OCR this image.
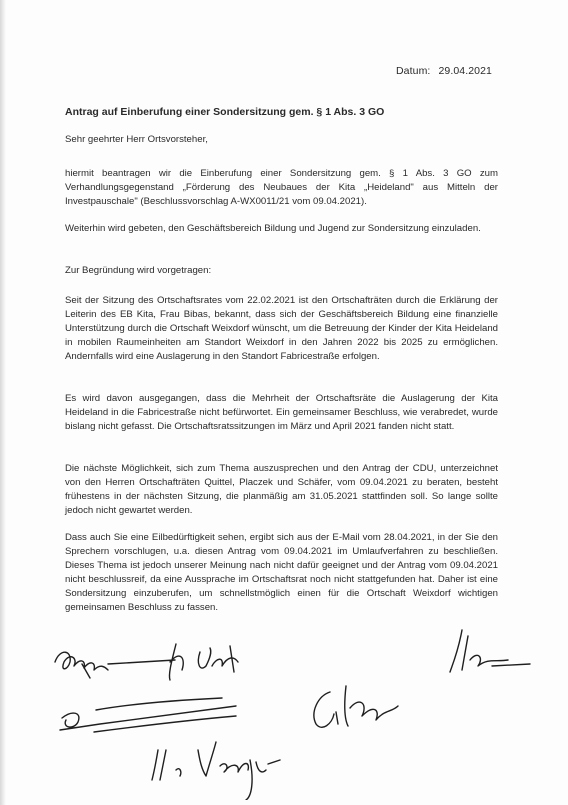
Datum: 29.04.2021
Antrag auf Einberufung einer Sondersitzung gem. § 1 Abs. 3 GO
Sehr geehrter Herr Ortsvorsteher,
hiermit beantragen wir die Einberufung einer Sondersitzung gem. § 1 Abs. 3 GO zum Verhandlungsgegenstand „Förderung des Neubaues der Kita „Heideland" aus Mitteln der Investpauschale" (Beschlussvorschlag A-WX0011/21 vom 09.04.2021).
Weiterhin wird gebeten, den Geschäftsbereich Bildung und Jugend zur Sondersitzung einzuladen.
Zur Begründung wird vorgetragen:
Seit der Sitzung des Ortschaftsrates vom 22.02.2021 ist den Ortschafträten durch die Erklärung der Leiterin des EB Kita, Frau Bibas, bekannt, dass sich der Geschäftsbereich Bildung eine finanzielle Unterstützung durch die Ortschaft Weixdorf wünscht, um die Betreuung der Kinder der Kita Heideland in mobilen Raumeinheiten am Standort Weixdorf in den Jahren 2022 bis 2025 zu ermöglichen. Andernfalls wird eine Auslagerung in den Standort Fabricestraße erfolgen.
Es wird davon ausgegangen, dass die Mehrheit der Ortschaftsräte die Auslagerung der Kita Heideland in die Fabricestraße nicht befürwortet. Ein gemeinsamer Beschluss, wie verabredet, wurde bislang nicht gefasst. Die Ortschaftsratssitzungen im März und April 2021 fanden nicht statt.
Die nächste Möglichkeit, sich zum Thema auszusprechen und den Antrag der CDU, unterzeichnet von den Herren Ortschafträten Quittel, Placzek und Schäfer, vom 09.04.2021 zu beraten, besteht frühestens in der nächsten Sitzung, die planmäßig am 31.05.2021 stattfinden soll. So lange sollte jedoch nicht gewartet werden.
Dass auch Sie eine Eilbedürftigkeit sehen, ergibt sich aus der E-Mail vom 28.04.2021, in der Sie den Sprechern vorschlugen, u.a. diesen Antrag vom 09.04.2021 im Umlaufverfahren zu beschließen. Dieses Thema ist jedoch unserer Meinung nach nicht dafür geeignet und der Antrag vom 09.04.2021 nicht beschlussreif, da eine Aussprache im Ortschaftsrat noch nicht stattgefunden hat. Daher ist eine Sondersitzung einzuberufen, um schnellstmöglich einen für die Ortschaft Weixdorf wichtigen gemeinsamen Beschluss zu fassen.
